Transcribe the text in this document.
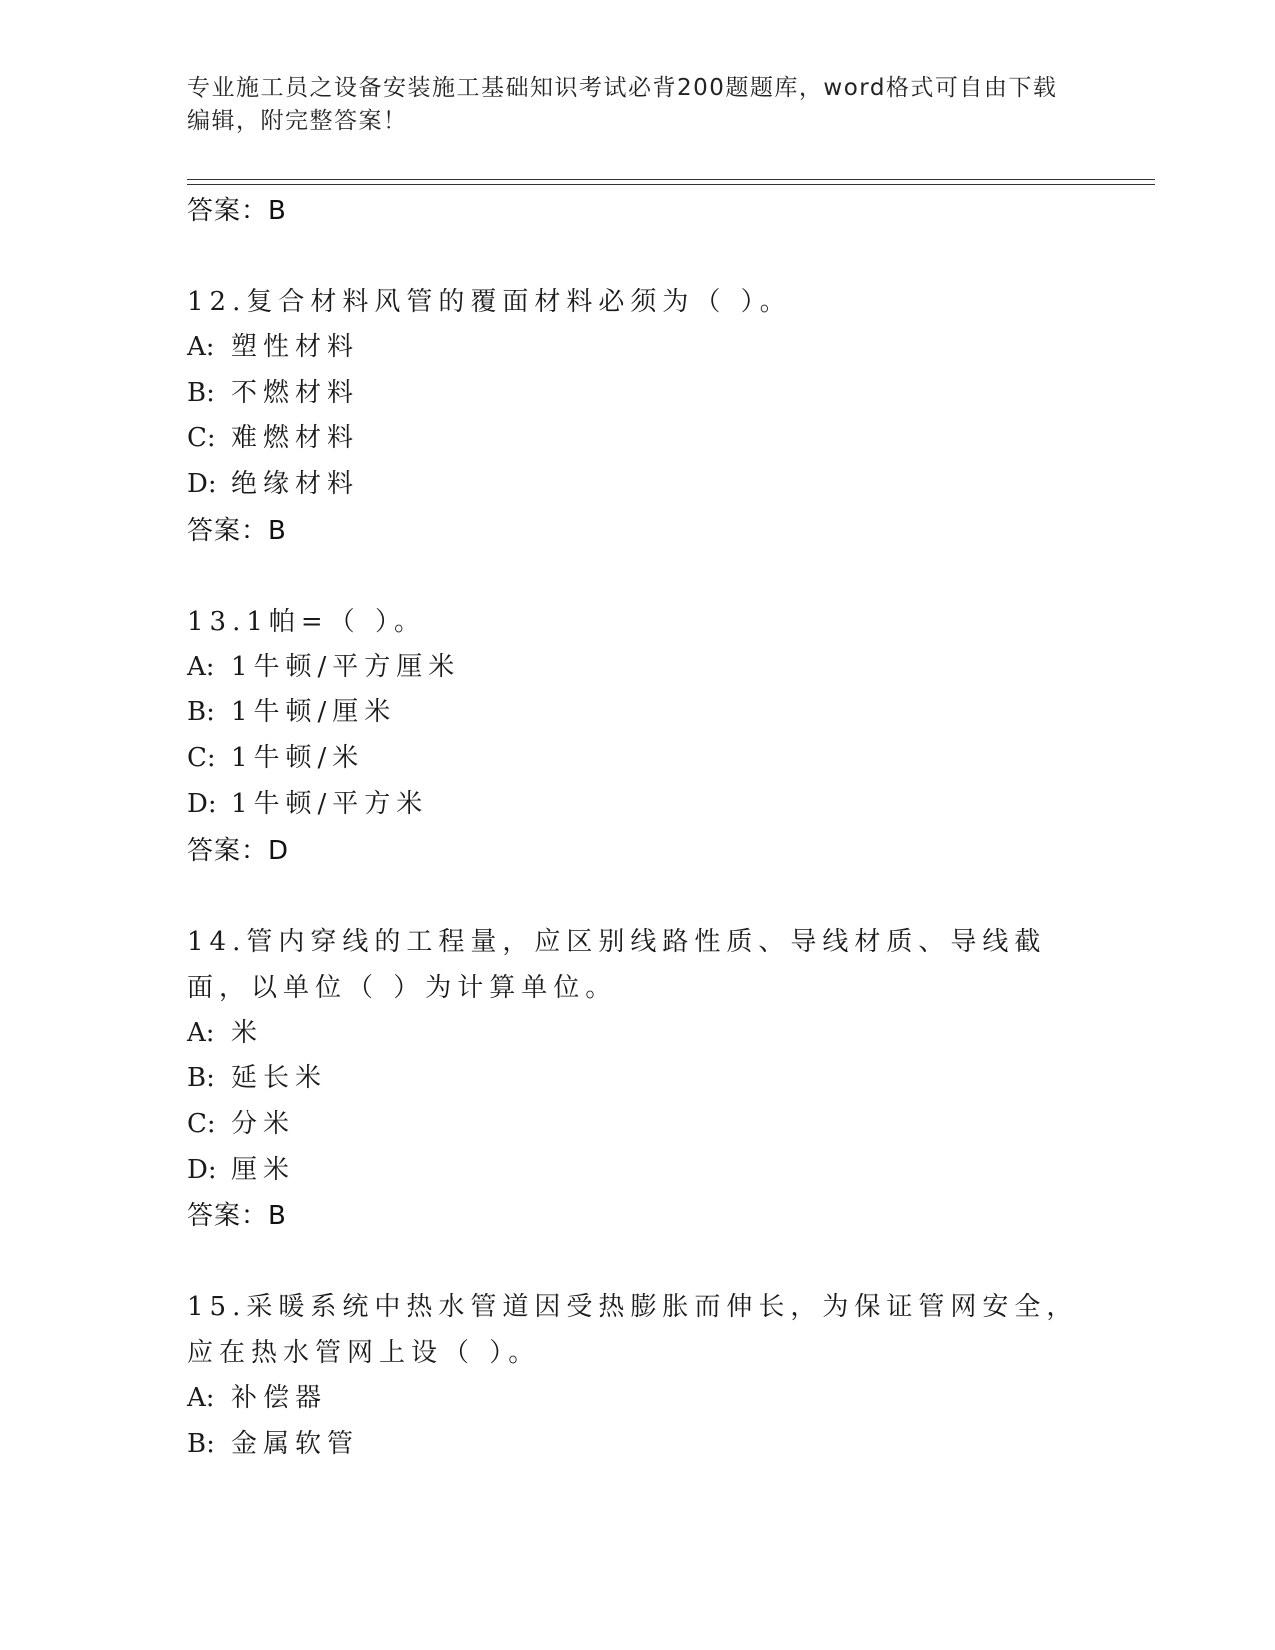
专业施工员之设备安装施工基础知识考试必背200题题库，word格式可自由下载编辑，附完整答案！
答案：B
12.复合材料风管的覆面材料必须为（ ）。
A: 塑性材料
B: 不燃材料
C: 难燃材料
D: 绝缘材料
答案：B
13.1帕=（ ）。
A: 1牛顿/平方厘米
B: 1牛顿/厘米
C: 1牛顿/米
D: 1牛顿/平方米
答案：D
14.管内穿线的工程量，应区别线路性质、导线材质、导线截面，以单位（ ）为计算单位。
A: 米
B: 延长米
C: 分米
D: 厘米
答案：B
15.采暖系统中热水管道因受热膨胀而伸长，为保证管网安全，应在热水管网上设（ ）。
A: 补偿器
B: 金属软管
